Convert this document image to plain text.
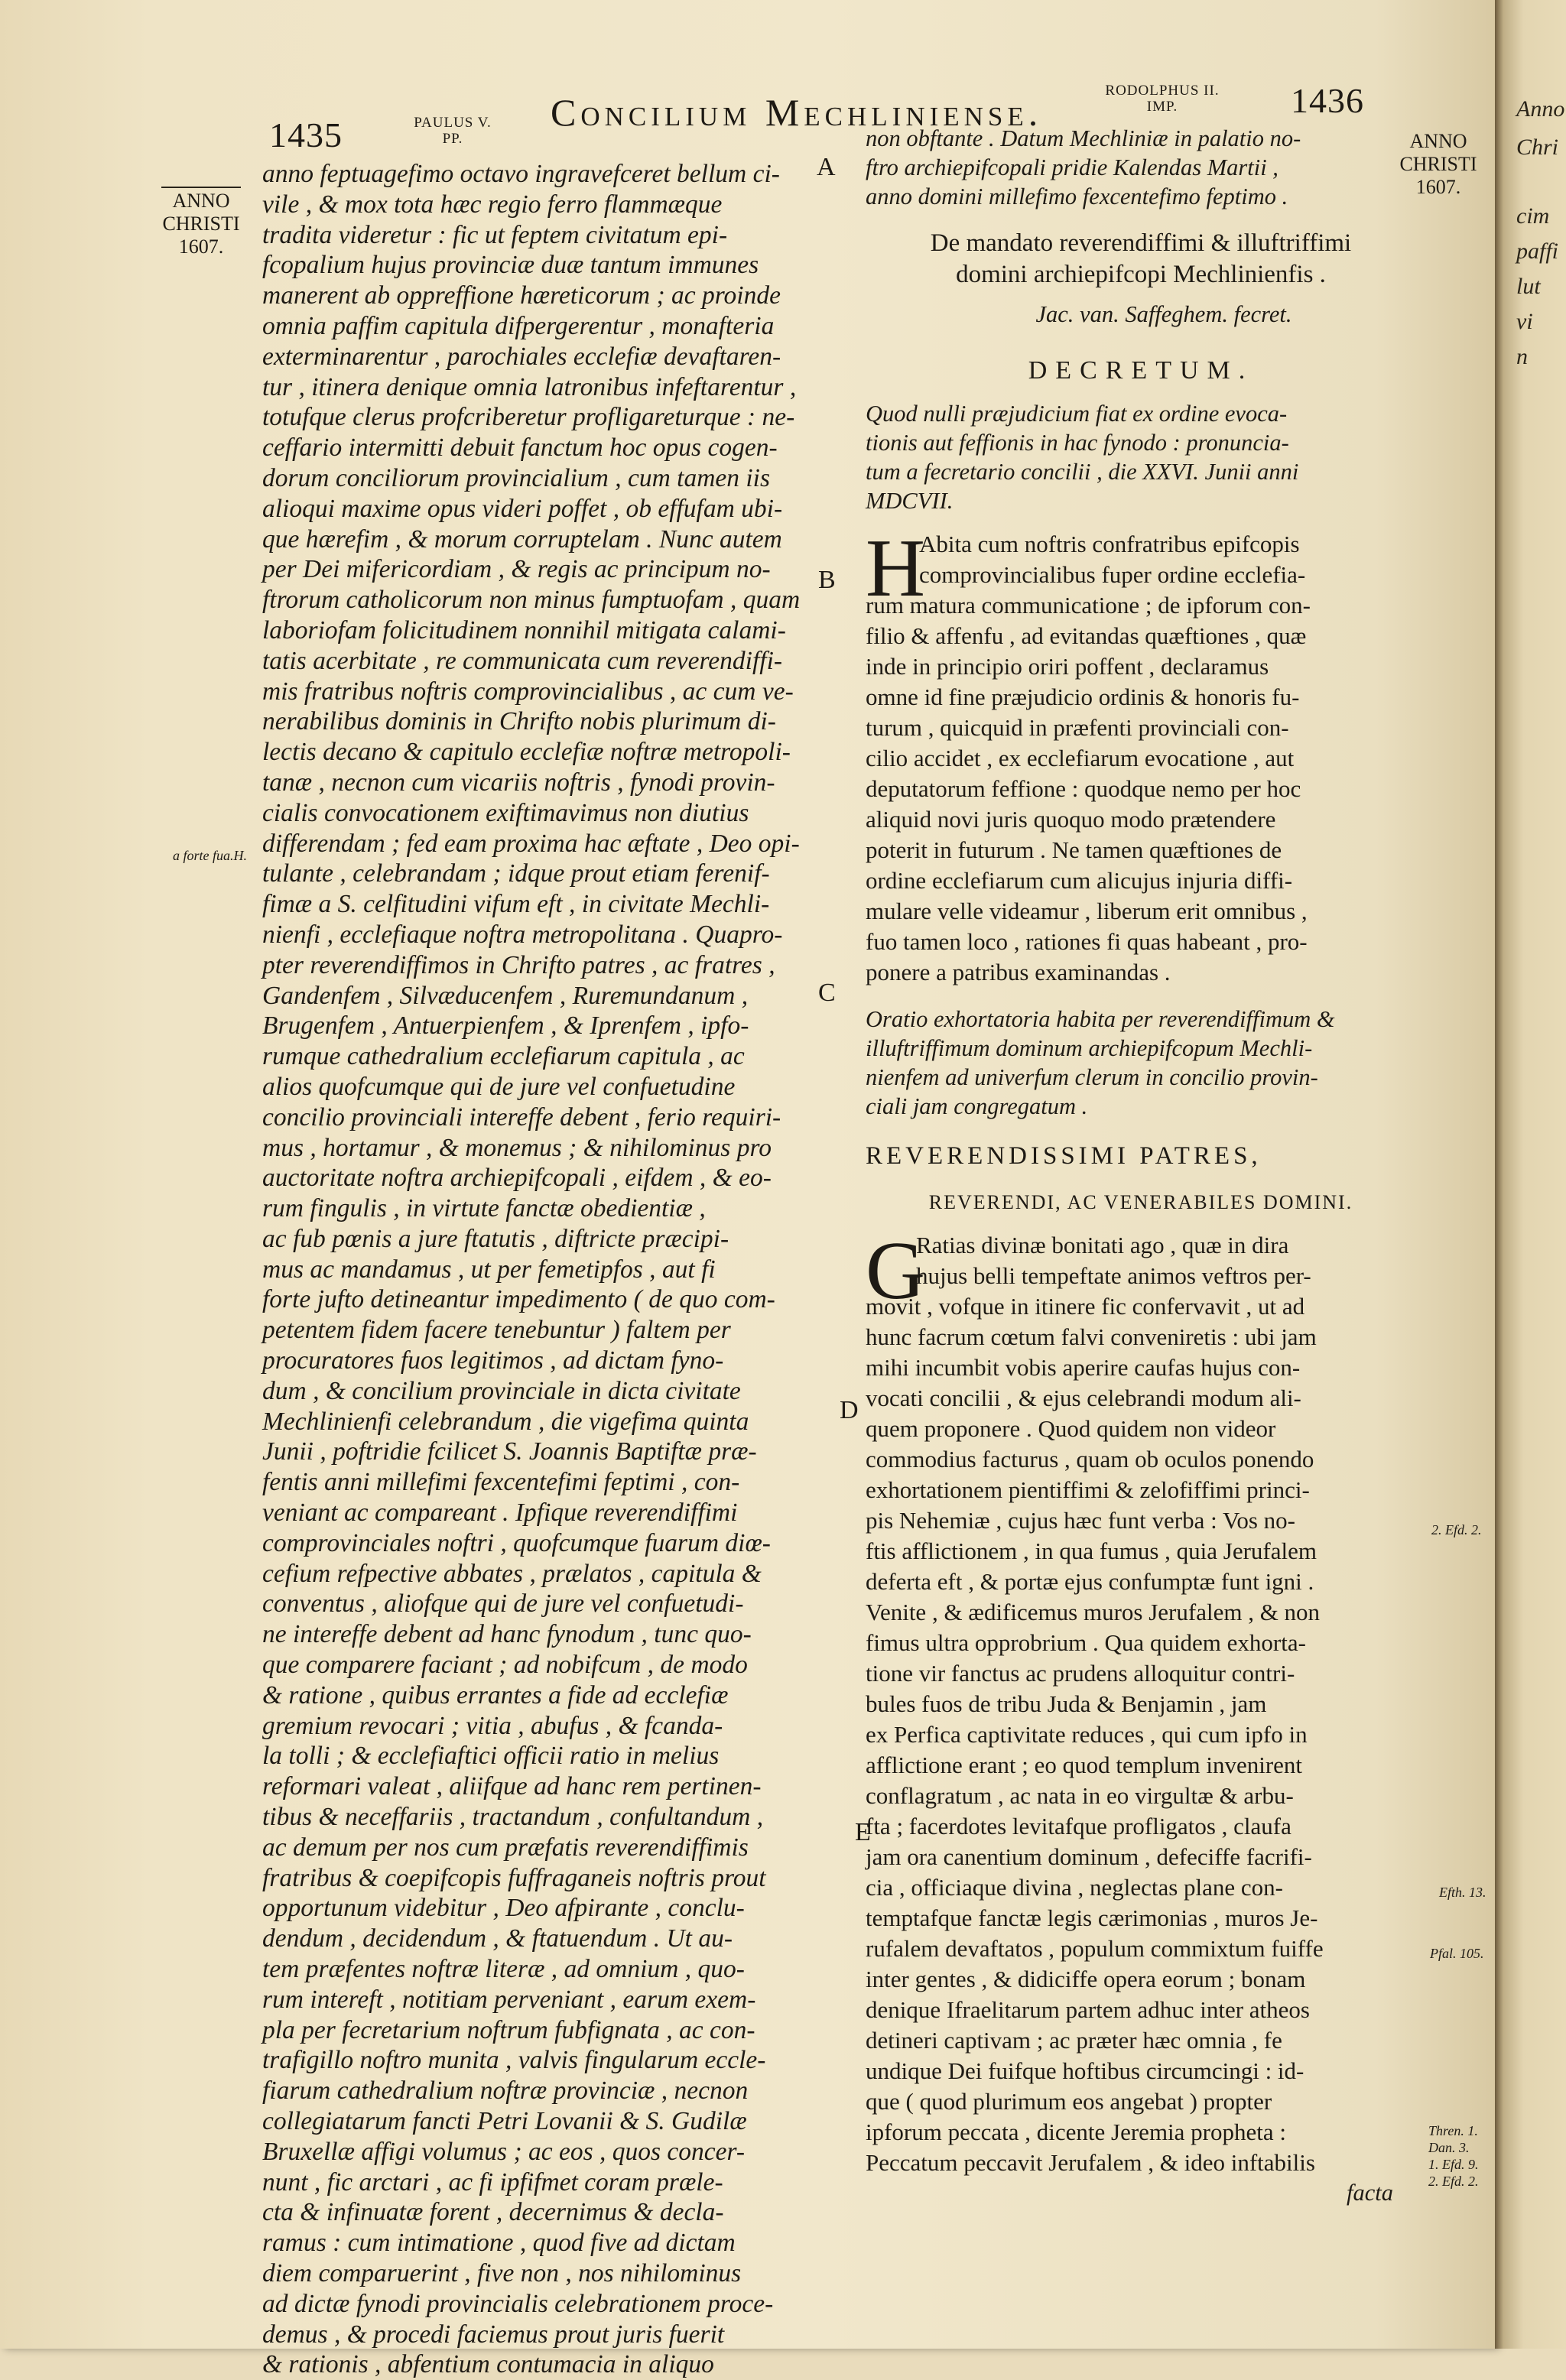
1435	PAULUS V.
PP.
Concilium Mechliniense.
RODOLPHUS II.
IMP.	1436
ANNO
CHRISTI
1607.
ANNO
CHRISTI
1607.
a forte fua.H.
A
B
C
D
E
2. Efd. 2.
Efth. 13.
Pfal. 105.
Thren. 1.
Dan. 3.
1. Efd. 9.
2. Efd. 2.
anno feptuagefimo octavo ingravefceret bellum ci-
vile , & mox tota hæc regio ferro flammæque
tradita videretur : fic ut feptem civitatum epi-
fcopalium hujus provinciæ duæ tantum immunes
manerent ab oppreffione hæreticorum ; ac proinde
omnia paffim capitula difpergerentur , monafteria
exterminarentur , parochiales ecclefiæ devaftaren-
tur , itinera denique omnia latronibus infeftarentur ,
totufque clerus profcriberetur profligareturque : ne-
ceffario intermitti debuit fanctum hoc opus cogen-
dorum conciliorum provincialium , cum tamen iis
alioqui maxime opus videri poffet , ob effufam ubi-
que hærefim , & morum corruptelam . Nunc autem
per Dei mifericordiam , & regis ac principum no-
ftrorum catholicorum non minus fumptuofam , quam
laboriofam folicitudinem nonnihil mitigata calami-
tatis acerbitate , re communicata cum reverendiffi-
mis fratribus noftris comprovincialibus , ac cum ve-
nerabilibus dominis in Chrifto nobis plurimum di-
lectis decano & capitulo ecclefiæ noftræ metropoli-
tanæ , necnon cum vicariis noftris , fynodi provin-
cialis convocationem exiftimavimus non diutius
differendam ; fed eam proxima hac æftate , Deo opi-
tulante , celebrandam ; idque prout etiam ferenif-
fimæ a S. celfitudini vifum eft , in civitate Mechli-
nienfi , ecclefiaque noftra metropolitana . Quapro-
pter reverendiffimos in Chrifto patres , ac fratres ,
Gandenfem , Silvæducenfem , Ruremundanum ,
Brugenfem , Antuerpienfem , & Iprenfem , ipfo-
rumque cathedralium ecclefiarum capitula , ac
alios quofcumque qui de jure vel confuetudine
concilio provinciali intereffe debent , ferio requiri-
mus , hortamur , & monemus ; & nihilominus pro
auctoritate noftra archiepifcopali , eifdem , & eo-
rum fingulis , in virtute fanctæ obedientiæ ,
ac fub pœnis a jure ftatutis , diftricte præcipi-
mus ac mandamus , ut per femetipfos , aut fi
forte jufto detineantur impedimento ( de quo com-
petentem fidem facere tenebuntur ) faltem per
procuratores fuos legitimos , ad dictam fyno-
dum , & concilium provinciale in dicta civitate
Mechlinienfi celebrandum , die vigefima quinta
Junii , poftridie fcilicet S. Joannis Baptiftæ præ-
fentis anni millefimi fexcentefimi feptimi , con-
veniant ac compareant . Ipfique reverendiffimi
comprovinciales noftri , quofcumque fuarum diœ-
cefium refpective abbates , prælatos , capitula &
conventus , aliofque qui de jure vel confuetudi-
ne intereffe debent ad hanc fynodum , tunc quo-
que comparere faciant ; ad nobifcum , de modo
& ratione , quibus errantes a fide ad ecclefiæ
gremium revocari ; vitia , abufus , & fcanda-
la tolli ; & ecclefiaftici officii ratio in melius
reformari valeat , aliifque ad hanc rem pertinen-
tibus & neceffariis , tractandum , confultandum ,
ac demum per nos cum præfatis reverendiffimis
fratribus & coepifcopis fuffraganeis noftris prout
opportunum videbitur , Deo afpirante , conclu-
dendum , decidendum , & ftatuendum . Ut au-
tem præfentes noftræ literæ , ad omnium , quo-
rum intereft , notitiam perveniant , earum exem-
pla per fecretarium noftrum fubfignata , ac con-
trafigillo noftro munita , valvis fingularum eccle-
fiarum cathedralium noftræ provinciæ , necnon
collegiatarum fancti Petri Lovanii & S. Gudilæ
Bruxellæ affigi volumus ; ac eos , quos concer-
nunt , fic arctari , ac fi ipfifmet coram præle-
cta & infinuatæ forent , decernimus & decla-
ramus : cum intimatione , quod five ad dictam
diem comparuerint , five non , nos nihilominus
ad dictæ fynodi provincialis celebrationem proce-
demus , & procedi faciemus prout juris fuerit
& rationis , abfentium contumacia in aliquo
non obftante . Datum Mechliniæ in palatio no-
ftro archiepifcopali pridie Kalendas Martii ,
anno domini millefimo fexcentefimo feptimo .
De mandato reverendiffimi & illuftriffimi
domini archiepifcopi Mechlinienfis .
Jac. van. Saffeghem. fecret.
DECRETUM.
Quod nulli præjudicium fiat ex ordine evoca-
tionis aut feffionis in hac fynodo : pronuncia-
tum a fecretario concilii , die XXVI. Junii anni
MDCVII.
H
Abita cum noftris confratribus epifcopis
comprovincialibus fuper ordine ecclefia-
rum matura communicatione ; de ipforum con-
filio & affenfu , ad evitandas quæftiones , quæ
inde in principio oriri poffent , declaramus
omne id fine præjudicio ordinis & honoris fu-
turum , quicquid in præfenti provinciali con-
cilio accidet , ex ecclefiarum evocatione , aut
deputatorum feffione : quodque nemo per hoc
aliquid novi juris quoquo modo prætendere
poterit in futurum . Ne tamen quæftiones de
ordine ecclefiarum cum alicujus injuria diffi-
mulare velle videamur , liberum erit omnibus ,
fuo tamen loco , rationes fi quas habeant , pro-
ponere a patribus examinandas .
Oratio exhortatoria habita per reverendiffimum &
illuftriffimum dominum archiepifcopum Mechli-
nienfem ad univerfum clerum in concilio provin-
ciali jam congregatum .
REVERENDISSIMI PATRES,
REVERENDI, AC VENERABILES DOMINI.
G
Ratias divinæ bonitati ago , quæ in dira
hujus belli tempeftate animos veftros per-
movit , vofque in itinere fic confervavit , ut ad
hunc facrum cœtum falvi conveniretis : ubi jam
mihi incumbit vobis aperire caufas hujus con-
vocati concilii , & ejus celebrandi modum ali-
quem proponere . Quod quidem non videor
commodius facturus , quam ob oculos ponendo
exhortationem pientiffimi & zelofiffimi princi-
pis Nehemiæ , cujus hæc funt verba : Vos no-
ftis afflictionem , in qua fumus , quia Jerufalem
deferta eft , & portæ ejus confumptæ funt igni .
Venite , & ædificemus muros Jerufalem , & non
fimus ultra opprobrium . Qua quidem exhorta-
tione vir fanctus ac prudens alloquitur contri-
bules fuos de tribu Juda & Benjamin , jam
ex Perfica captivitate reduces , qui cum ipfo in
afflictione erant ; eo quod templum invenirent
conflagratum , ac nata in eo virgultæ & arbu-
fta ; facerdotes levitafque profligatos , claufa
jam ora canentium dominum , defeciffe facrifi-
cia , officiaque divina , neglectas plane con-
temptafque fanctæ legis cærimonias , muros Je-
rufalem devaftatos , populum commixtum fuiffe
inter gentes , & didiciffe opera eorum ; bonam
denique Ifraelitarum partem adhuc inter atheos
detineri captivam ; ac præter hæc omnia , fe
undique Dei fuifque hoftibus circumcingi : id-
que ( quod plurimum eos angebat ) propter
ipforum peccata , dicente Jeremia propheta :
Peccatum peccavit Jerufalem , & ideo inftabilis
facta
Anno
Chri
cim
paffi
lut
vi
n
